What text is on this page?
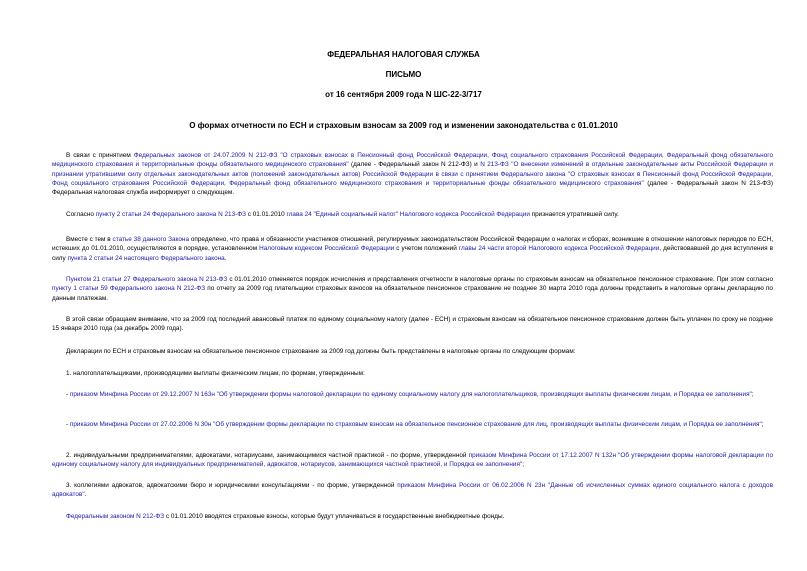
ФЕДЕРАЛЬНАЯ НАЛОГОВАЯ СЛУЖБА
ПИСЬМО
от 16 сентября 2009 года N ШС-22-3/717
О формах отчетности по ЕСН и страховым взносам за 2009 год и изменении законодательства с 01.01.2010

В связи с принятием Федеральных законов от 24.07.2009 N 212-ФЗ "О страховых взносах в Пенсионный фонд Российской Федерации, Фонд социального страхования Российской Федерации, Федеральный фонд обязательного медицинского страхования и территориальные фонды обязательного медицинского страхования" (далее - Федеральный закон N 212-ФЗ) и N 213-ФЗ "О внесении изменений в отдельные законодательные акты Российской Федерации и признании утратившими силу отдельных законодательных актов (положений законодательных актов) Российской Федерации в связи с принятием Федерального закона "О страховых взносах в Пенсионный фонд Российской Федерации, Фонд социального страхования Российской Федерации, Федеральный фонд обязательного медицинского страхования и территориальные фонды обязательного медицинского страхования" (далее - Федеральный закон N 213-ФЗ) Федеральная налоговая служба информирует о следующем.

Согласно пункту 2 статьи 24 Федерального закона N 213-ФЗ с 01.01.2010 глава 24 "Единый социальный налог" Налогового кодекса Российской Федерации признается утратившей силу.

Вместе с тем в статье 38 данного Закона определено, что права и обязанности участников отношений, регулируемых законодательством Российской Федерации о налогах и сборах, возникшие в отношении налоговых периодов по ЕСН, истекших до 01.01.2010, осуществляются в порядке, установленном Налоговым кодексом Российской Федерации с учетом положений главы 24 части второй Налогового кодекса Российской Федерации, действовавшей до дня вступления в силу пункта 2 статьи 24 настоящего Федерального закона.

Пунктом 21 статьи 27 Федерального закона N 213-ФЗ с 01.01.2010 отменяется порядок исчисления и представления отчетности в налоговые органы по страховым взносам на обязательное пенсионное страхование. При этом согласно пункту 1 статьи 59 Федерального закона N 212-ФЗ по отчету за 2009 год плательщики страховых взносов на обязательное пенсионное страхование не позднее 30 марта 2010 года должны представить в налоговые органы декларацию по данным платежам.

В этой связи обращаем внимание, что за 2009 год последний авансовый платеж по единому социальному налогу (далее - ЕСН) и страховым взносам на обязательное пенсионное страхование должен быть уплачен по сроку не позднее 15 января 2010 года (за декабрь 2009 года).

Декларации по ЕСН и страховым взносам на обязательное пенсионное страхование за 2009 год должны быть представлены в налоговые органы по следующим формам:

1. налогоплательщиками, производящими выплаты физическим лицам, по формам, утвержденным:

- приказом Минфина России от 29.12.2007 N 163н "Об утверждении формы налоговой декларации по единому социальному налогу для налогоплательщиков, производящих выплаты физическим лицам, и Порядка ее заполнения";

- приказом Минфина России от 27.02.2006 N 30н "Об утверждении формы декларации по страховым взносам на обязательное пенсионное страхование для лиц, производящих выплаты физическим лицам, и Порядка ее заполнения";

2. индивидуальными предпринимателями, адвокатами, нотариусами, занимающимися частной практикой - по форме, утвержденной приказом Минфина России от 17.12.2007 N 132н "Об утверждении формы налоговой декларации по единому социальному налогу для индивидуальных предпринимателей, адвокатов, нотариусов, занимающихся частной практикой, и Порядка ее заполнения";

3. коллегиями адвокатов, адвокатскими бюро и юридическими консультациями - по форме, утвержденной приказом Минфина России от 06.02.2006 N 23н "Данные об исчисленных суммах единого социального налога с доходов адвокатов".

Федеральным законом N 212-ФЗ с 01.01.2010 вводятся страховые взносы, которые будут уплачиваться в государственные внебюджетные фонды.
